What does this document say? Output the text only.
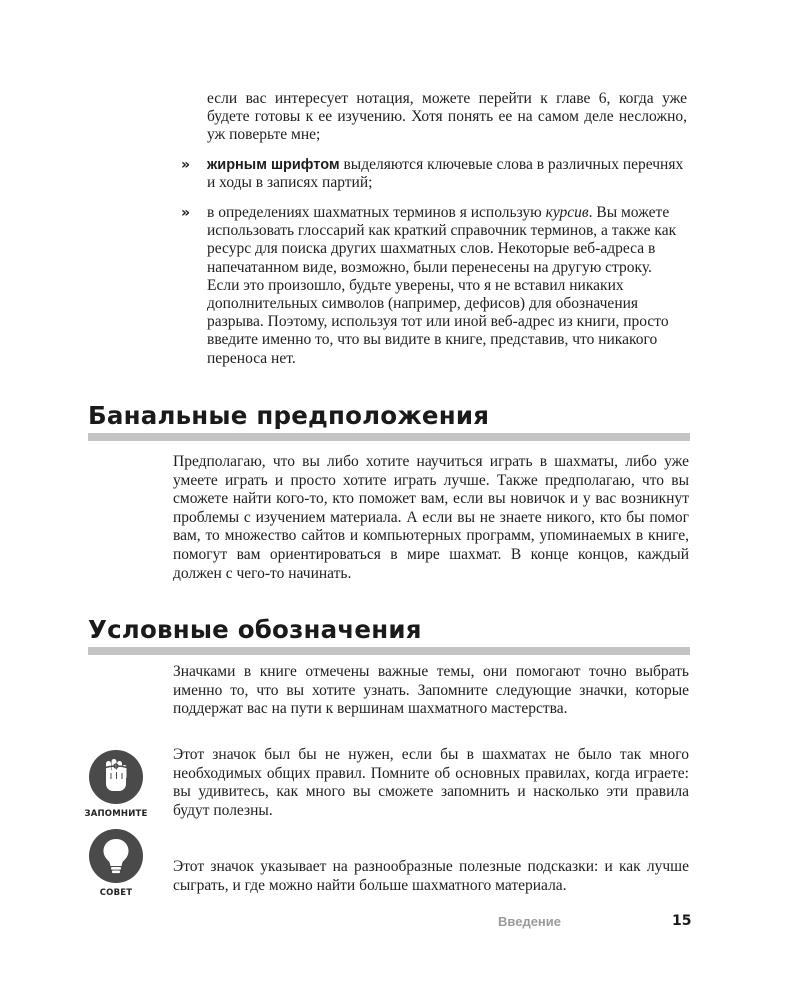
если вас интересует нотация, можете перейти к главе 6, когда уже будете готовы к ее изучению. Хотя понять ее на самом деле несложно, уж поверьте мне;

» жирным шрифтом выделяются ключевые слова в различных перечнях и ходы в записях партий;
» в определениях шахматных терминов я использую курсив. Вы можете использовать глоссарий как краткий справочник терминов, а также как ресурс для поиска других шахматных слов. Некоторые веб-адреса в напечатанном виде, возможно, были перенесены на другую строку. Если это произошло, будьте уверены, что я не вставил никаких дополнительных символов (например, дефисов) для обозначения разрыва. Поэтому, используя тот или иной веб-адрес из книги, просто введите именно то, что вы видите в книге, представив, что никакого переноса нет.
Банальные предположения

Предполагаю, что вы либо хотите научиться играть в шахматы, либо уже умеете играть и просто хотите играть лучше. Также предполагаю, что вы сможете найти кого-то, кто поможет вам, если вы новичок и у вас возникнут проблемы с изучением материала. А если вы не знаете никого, кто бы помог вам, то множество сайтов и компьютерных программ, упоминаемых в книге, помогут вам ориентироваться в мире шахмат. В конце концов, каждый должен с чего-то начинать.

Условные обозначения

Значками в книге отмечены важные темы, они помогают точно выбрать именно то, что вы хотите узнать. Запомните следующие значки, которые поддержат вас на пути к вершинам шахматного мастерства.

ЗАПОМНИТЕ

Этот значок был бы не нужен, если бы в шахматах не было так много необходимых общих правил. Помните об основных правилах, когда играете: вы удивитесь, как много вы сможете запомнить и насколько эти правила будут полезны.

СОВЕТ

Этот значок указывает на разнообразные полезные подсказки: и как лучше сыграть, и где можно найти больше шахматного материала.

Введение	15
